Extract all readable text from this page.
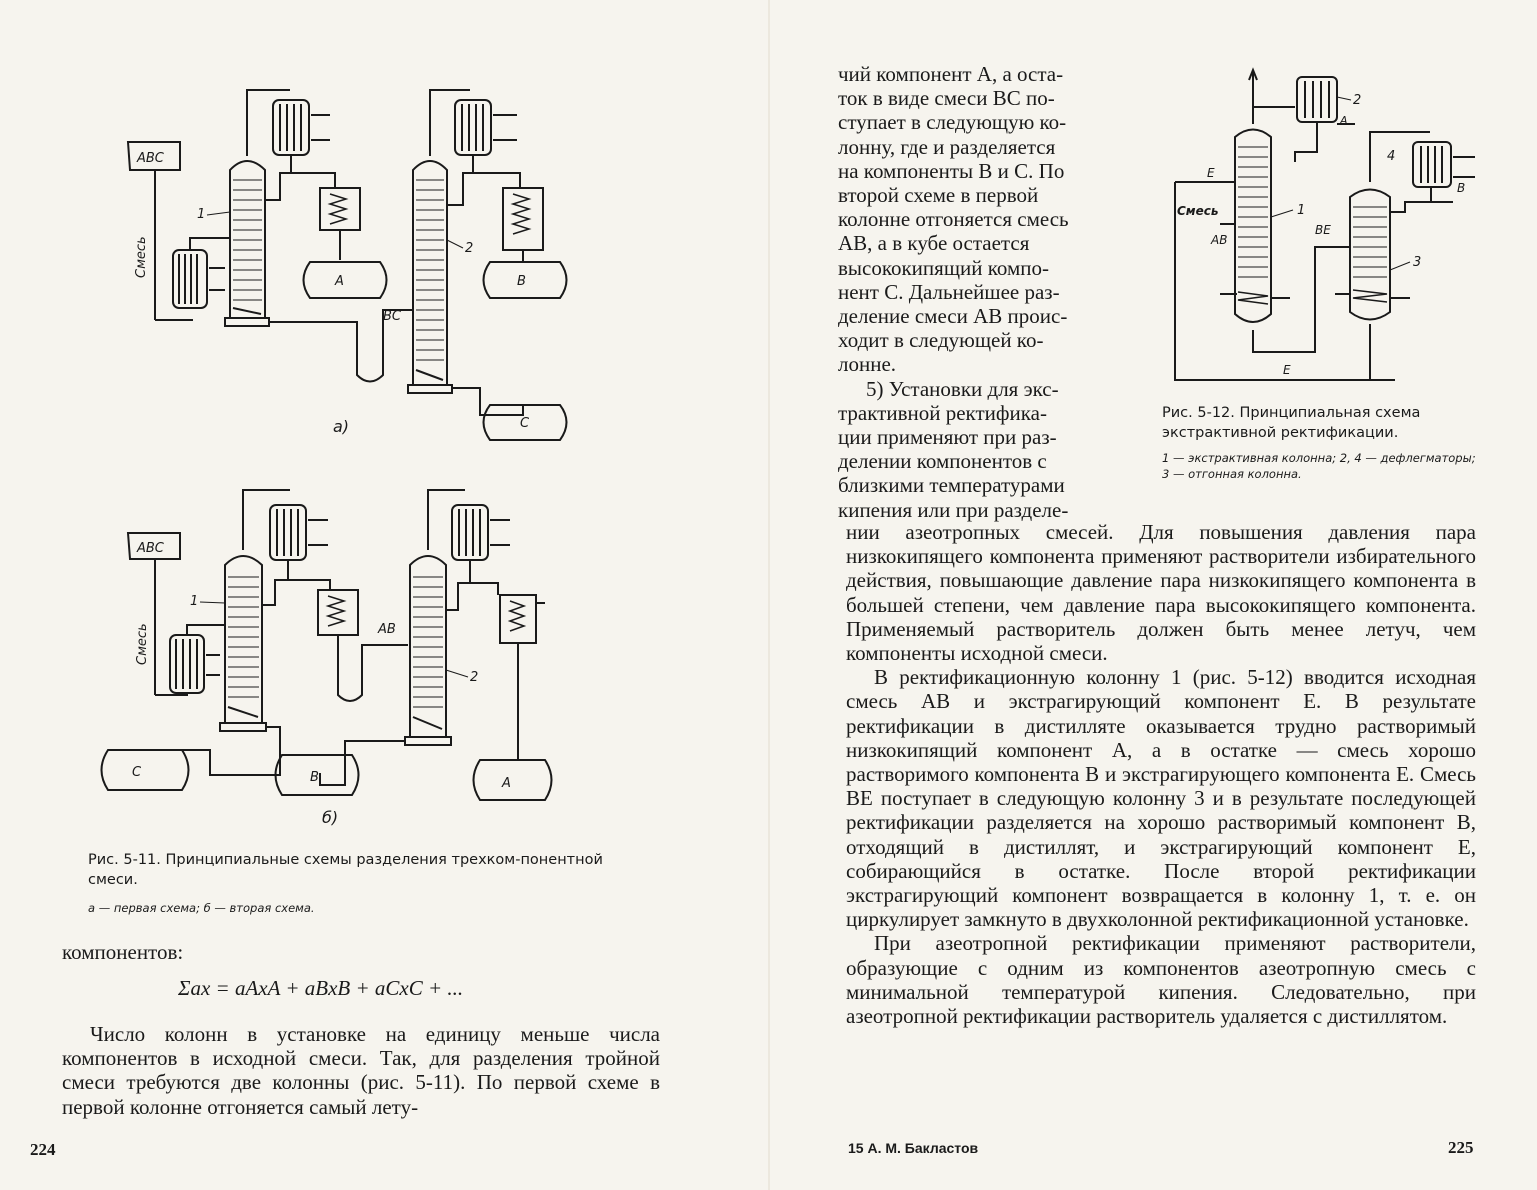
ABC
Смесь
1
A
BC
2
B
C
а)
ABC
Смесь
1
AB
C
2
A
B
б)
Рис. 5-11. Принципиальные схемы разделения трехком-понентной смеси.
а — первая схема; б — вторая схема.
компонентов:
Σax = aAxA + aBxB + aCxC + ...

Число колонн в установке на единицу меньше числа компонентов в исходной смеси. Так, для разделения тройной смеси требуются две колонны (рис. 5-11). По первой схеме в первой колонне отгоняется самый лету-

224

чий компонент A, а оста-

ток в виде смеси BC по-

ступает в следующую ко-

лонну, где и разделяется

на компоненты B и C. По

второй схеме в первой

колонне отгоняется смесь

AB, а в кубе остается

высококипящий компо-

нент C. Дальнейшее раз-

деление смеси AB проис-

ходит в следующей ко-

лонне.

5) Установки для экс-

трактивной ректифика-

ции применяют при раз-

делении компонентов с

близкими температурами

кипения или при разделе-

1
2
A
E
Смесь
AB
BE
3
E
4
B
Рис. 5-12. Принципиальная схема экстрактивной ректификации.
1 — экстрактивная колонна; 2, 4 — дефлегматоры; 3 — отгонная колонна.

нии азеотропных смесей. Для повышения давления пара низкокипящего компонента применяют растворители избирательного действия, повышающие давление пара низкокипящего компонента в большей степени, чем давление пара высококипящего компонента. Применяемый растворитель должен быть менее летуч, чем компоненты исходной смеси.

В ректификационную колонну 1 (рис. 5-12) вводится исходная смесь AB и экстрагирующий компонент E. В результате ректификации в дистилляте оказывается трудно растворимый низкокипящий компонент A, а в остатке — смесь хорошо растворимого компонента B и экстрагирующего компонента E. Смесь BE поступает в следующую колонну 3 и в результате последующей ректификации разделяется на хорошо растворимый компонент B, отходящий в дистиллят, и экстрагирующий компонент E, собирающийся в остатке. После второй ректификации экстрагирующий компонент возвращается в колонну 1, т. е. он циркулирует замкнуто в двухколонной ректификационной установке.

При азеотропной ректификации применяют растворители, образующие с одним из компонентов азеотропную смесь с минимальной температурой кипения. Следовательно, при азеотропной ректификации растворитель удаляется с дистиллятом.

15 А. М. Бакластов	225
